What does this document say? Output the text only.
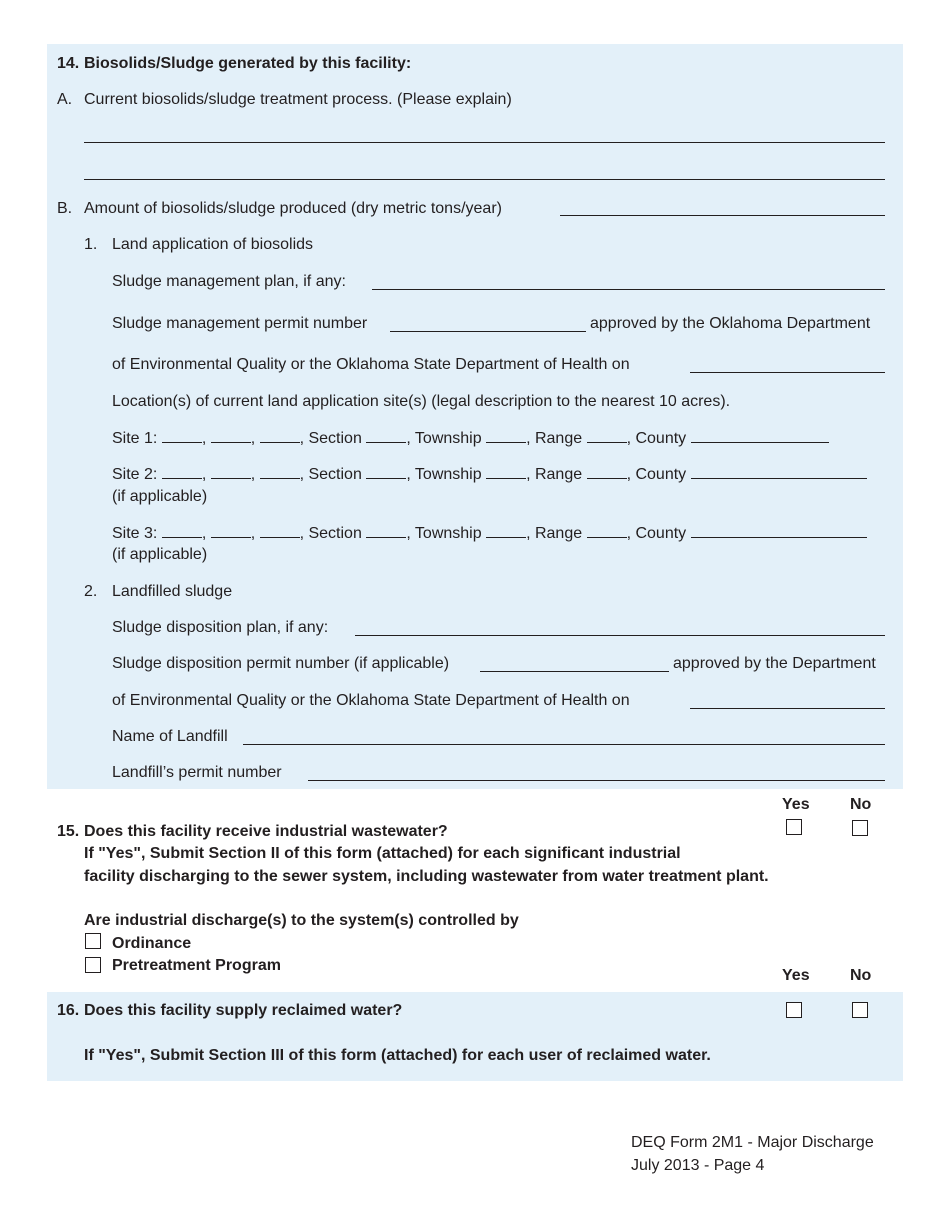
14. Biosolids/Sludge generated by this facility:
A. Current biosolids/sludge treatment process. (Please explain)
B. Amount of biosolids/sludge produced (dry metric tons/year)
1. Land application of biosolids
Sludge management plan, if any:
Sludge management permit number	approved by the Oklahoma Department
of Environmental Quality or the Oklahoma State Department of Health on
Location(s) of current land application site(s) (legal description to the nearest 10 acres).
Site 1:	,	,	, Section	, Township	, Range	, County
Site 2:	,	,	, Section	, Township	, Range	, County
(if applicable)
Site 3:	,	,	, Section	, Township	, Range	, County
(if applicable)
2. Landfilled sludge
Sludge disposition plan, if any:
Sludge disposition permit number (if applicable)	approved by the Department
of Environmental Quality or the Oklahoma State Department of Health on
Name of Landfill
Landfill’s permit number
Yes	No
15. Does this facility receive industrial wastewater?
If "Yes", Submit Section II of this form (attached) for each significant industrial
facility discharging to the sewer system, including wastewater from water treatment plant.
Are industrial discharge(s) to the system(s) controlled by
Ordinance
Pretreatment Program
Yes	No
16. Does this facility supply reclaimed water?
If "Yes", Submit Section III of this form (attached) for each user of reclaimed water.
DEQ Form 2M1 - Major Discharge
July 2013 - Page 4
